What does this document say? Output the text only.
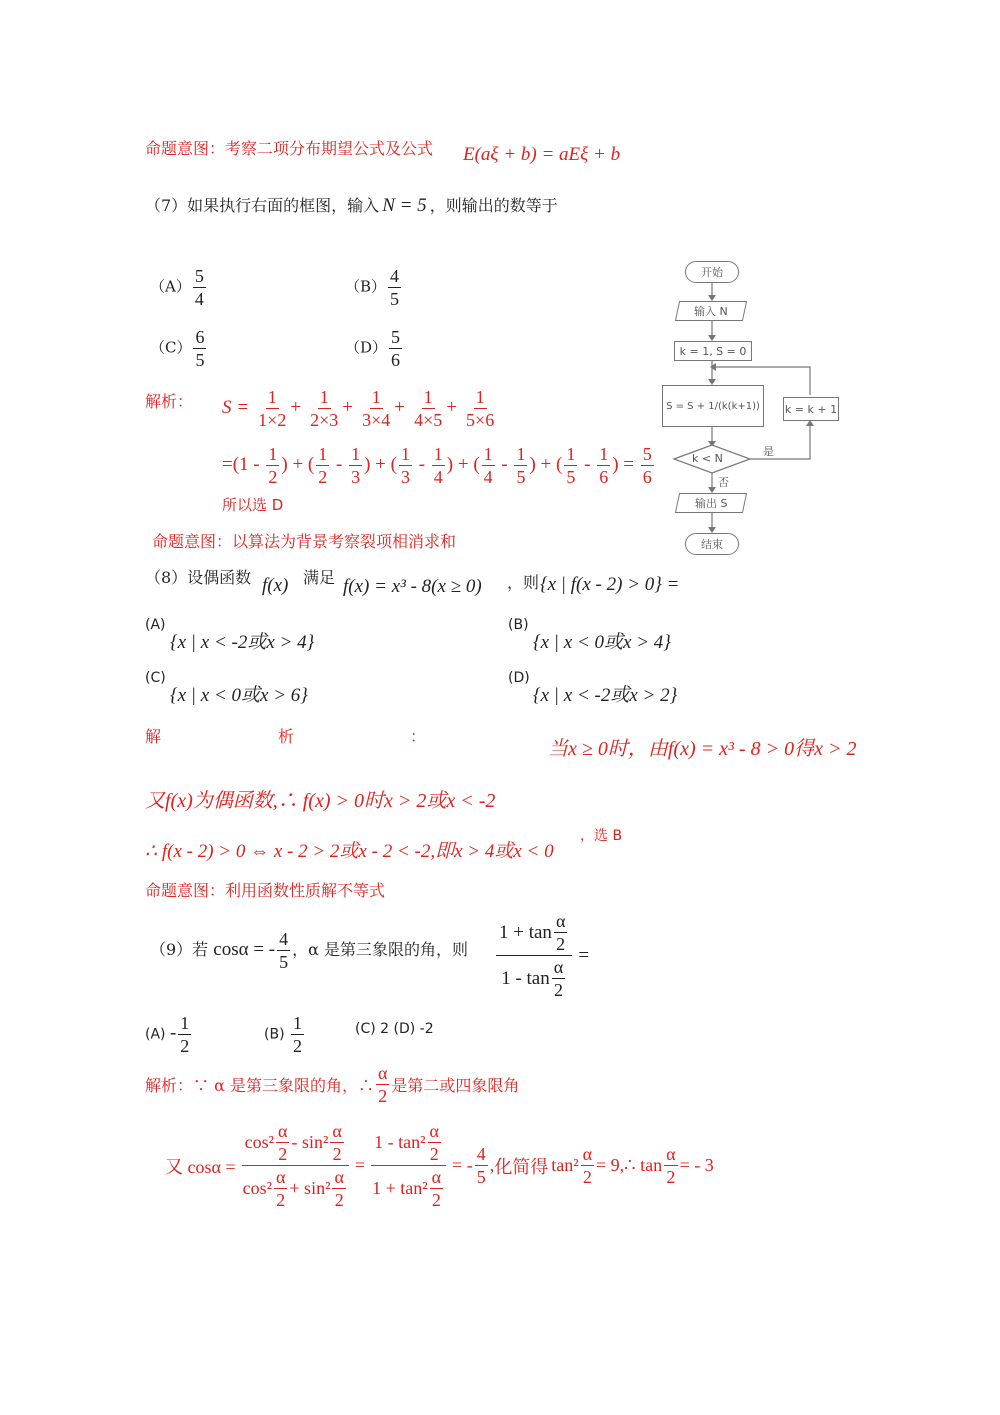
命题意图：考察二项分布期望公式及公式 E(aξ + b) = aEξ + b
（7）如果执行右面的框图，输入 N = 5 ，则输出的数等于
$(A) \frac{5}{4}$	$(B) \frac{4}{5}$
$(C) \frac{6}{5}$	$(D) \frac{5}{6}$
解析： $S = \frac{1}{1\times 2} + \frac{1}{2\times 3} + \frac{1}{3\times 4} + \frac{1}{4\times 5} + \frac{1}{5\times 6}$
$=(1 - \frac{1}{2}$ ) + ( $\frac{1}{2} - \frac{1}{3}$ ) + ( $\frac{1}{3} - \frac{1}{4}$ ) + ( $\frac{1}{4} - \frac{1}{5}$ ) + ( $\frac{1}{5} - \frac{1}{6}$ ) = $\frac{5}{6}$
所以选 D
命题意图：以算法为背景考察裂项相消求和
开始
输入 N
k = 1, S = 0
S = S + 1/(k(k+1))	k = k + 1
k < N
是
否
输出 S
结束
（8）设偶函数 f(x) 满足 f(x) = x³ - 8(x ≥ 0) ，则 {x | f(x - 2) > 0} =
(A)
{x | x < -2或x > 4}
(B)
{x | x < 0或x > 4}
(C)
{x | x < 0或x > 6}
(D)
{x | x < -2或x > 2}
解	析	：
当x ≥ 0时，由f(x) = x³ - 8 > 0得x > 2
又f(x)为偶函数,∴ f(x) > 0时x > 2或x < -2
∴ f(x - 2) > 0 ⇔ x - 2 > 2或x - 2 < -2,即x > 4或x < 0
，选 B
命题意图：利用函数性质解不等式
（9）若 cosα = - $\frac{4}{5}$ ，α 是第三象限的角，则 $\frac{1 + \tan \frac{\alpha}{2}}{1 - \tan \frac{\alpha}{2}}$ =
$(A) - \frac{1}{2}$	$(B) \frac{1}{2}$	(C) 2 (D) -2
解析：∵ α 是第三象限的角，∴ $\frac{\alpha}{2}$ 是第二或四象限角
又 $\cos\alpha = \frac{\cos^2 \frac{\alpha}{2} - \sin^2 \frac{\alpha}{2}}{\cos^2 \frac{\alpha}{2} + \sin^2 \frac{\alpha}{2}} = \frac{1 - \tan^2 \frac{\alpha}{2}}{1 + \tan^2 \frac{\alpha}{2}}$ = - $\frac{4}{5}$ , 化简得 $\tan^2 \frac{\alpha}{2}$ = 9,∴ $\tan \frac{\alpha}{2}$ = - 3
